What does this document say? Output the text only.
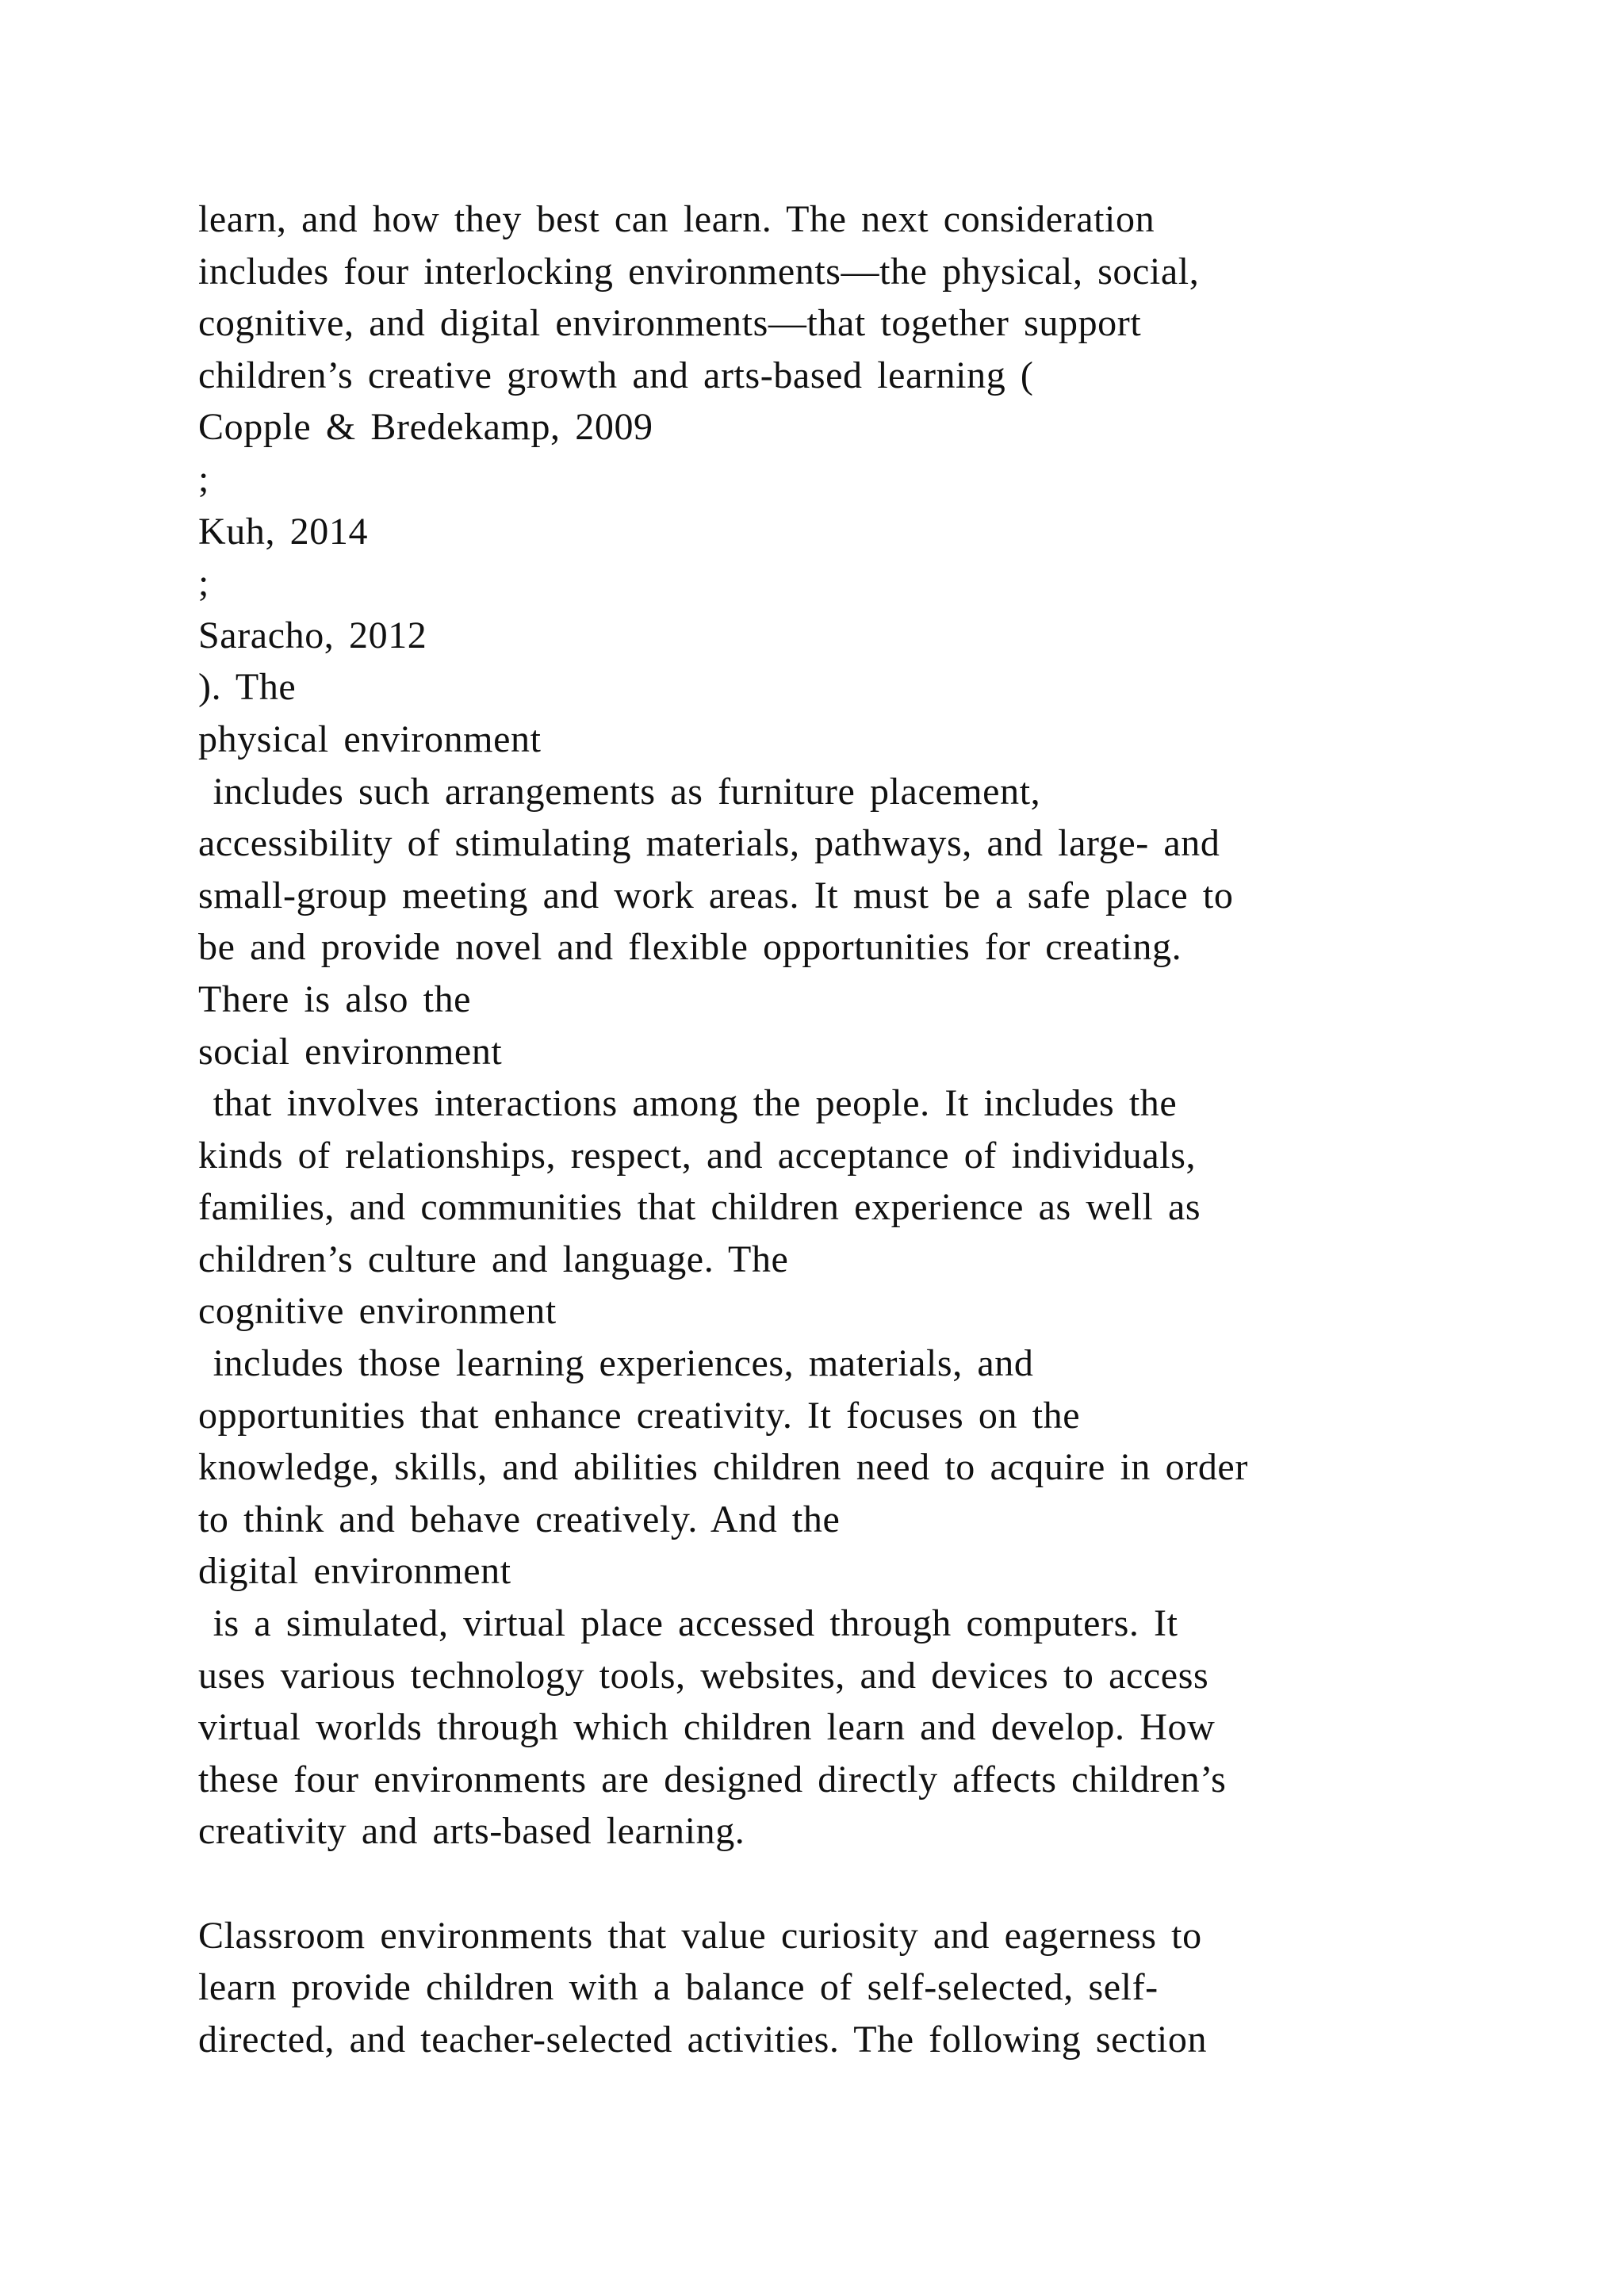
learn, and how they best can learn. The next consideration
includes four interlocking environments—the physical, social,
cognitive, and digital environments—that together support
children’s creative growth and arts-based learning (
Copple & Bredekamp, 2009
;
Kuh, 2014
;
Saracho, 2012
). The
physical environment
includes such arrangements as furniture placement,
accessibility of stimulating materials, pathways, and large- and
small-group meeting and work areas. It must be a safe place to
be and provide novel and flexible opportunities for creating.
There is also the
social environment
that involves interactions among the people. It includes the
kinds of relationships, respect, and acceptance of individuals,
families, and communities that children experience as well as
children’s culture and language. The
cognitive environment
includes those learning experiences, materials, and
opportunities that enhance creativity. It focuses on the
knowledge, skills, and abilities children need to acquire in order
to think and behave creatively. And the
digital environment
is a simulated, virtual place accessed through computers. It
uses various technology tools, websites, and devices to access
virtual worlds through which children learn and develop. How
these four environments are designed directly affects children’s
creativity and arts-based learning.
Classroom environments that value curiosity and eagerness to
learn provide children with a balance of self-selected, self-
directed, and teacher-selected activities. The following section
